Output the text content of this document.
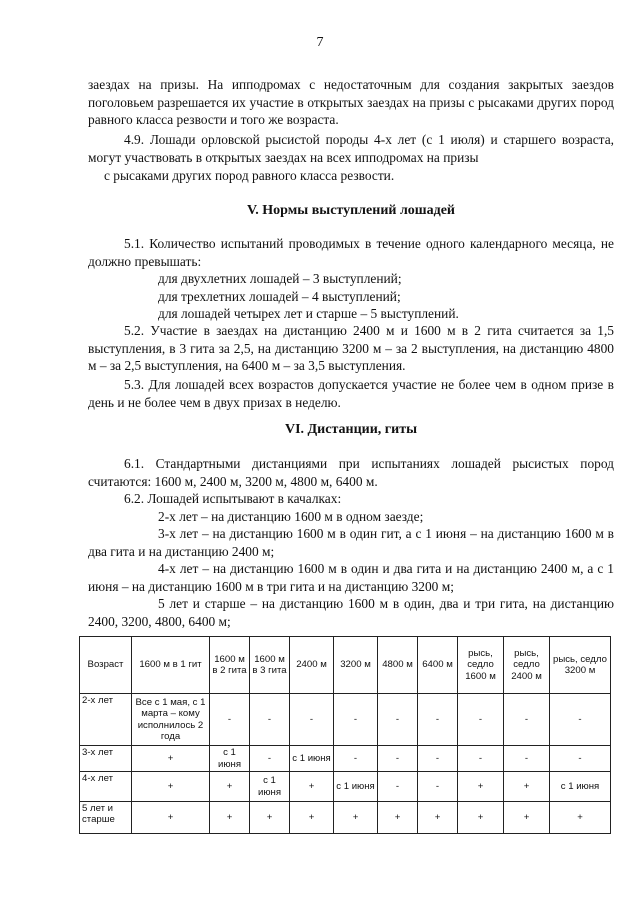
7

заездах на призы. На ипподромах с недостаточным для создания закрытых заездов поголовьем разрешается их участие в открытых заездах на призы с рысаками других пород равного класса резвости и того же возраста.

4.9. Лошади орловской рысистой породы 4-х лет (с 1 июля) и старшего возраста, могут участвовать в открытых заездах на всех ипподромах на призы

с рысаками других пород равного класса резвости.

V. Нормы выступлений лошадей

5.1. Количество испытаний проводимых в течение одного календарного месяца, не должно превышать:

для двухлетних лошадей – 3 выступлений;

для трехлетних лошадей – 4 выступлений;

для лошадей четырех лет и старше – 5 выступлений.

5.2. Участие в заездах на дистанцию 2400 м и 1600 м в 2 гита считается за 1,5 выступления, в 3 гита за 2,5, на дистанцию 3200 м – за 2 выступления, на дистанцию 4800 м – за 2,5 выступления, на 6400 м – за 3,5 выступления.

5.3. Для лошадей всех возрастов допускается участие не более чем в одном призе в день и не более чем в двух призах в неделю.

VI. Дистанции, гиты

6.1. Стандартными дистанциями при испытаниях лошадей рысистых пород считаются: 1600 м, 2400 м, 3200 м, 4800 м, 6400 м.

6.2. Лошадей испытывают в качалках:

2-х лет – на дистанцию 1600 м в одном заезде;

3-х лет – на дистанцию 1600 м в один гит, а с 1 июня – на дистанцию 1600 м в два гита и на дистанцию 2400 м;

4-х лет – на дистанцию 1600 м в один и два гита и на дистанцию 2400 м, а с 1 июня – на дистанцию 1600 м в три гита и на дистанцию 3200 м;

5 лет и старше – на дистанцию 1600 м в один, два и три гита, на дистанцию 2400, 3200, 4800, 6400 м;

Возраст	1600 м в 1 гит	1600 м в 2 гита	1600 м в 3 гита	2400 м	3200 м	4800 м	6400 м	рысь, седло 1600 м	рысь, седло 2400 м	рысь, седло 3200 м
2-х лет	Все с 1 мая, с 1 марта – кому исполнилось 2 года	-	-	-	-	-	-	-	-	-
3-х лет	+	с 1 июня	-	с 1 июня	-	-	-	-	-	-
4-х лет	+	+	с 1 июня	+	с 1 июня	-	-	+	+	с 1 июня
5 лет и старше	+	+	+	+	+	+	+	+	+	+
